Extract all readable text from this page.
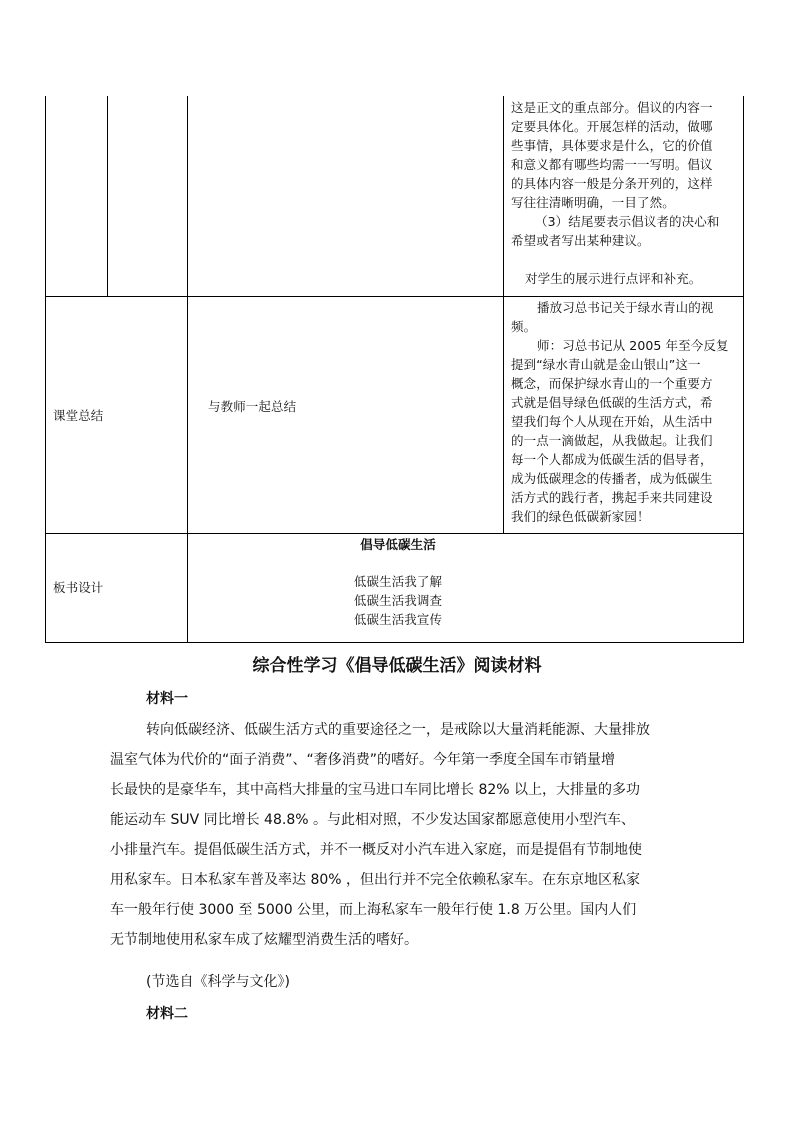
这是正文的重点部分。倡议的内容一

定要具体化。开展怎样的活动，做哪

些事情，具体要求是什么，它的价值

和意义都有哪些均需一一写明。倡议

的具体内容一般是分条开列的，这样

写往往清晰明确，一目了然。

（3）结尾要表示倡议者的决心和

希望或者写出某种建议。

对学生的展示进行点评和补充。

课堂总结
与教师一起总结

播放习总书记关于绿水青山的视

频。

师：习总书记从 2005 年至今反复

提到“绿水青山就是金山银山”这一

概念，而保护绿水青山的一个重要方

式就是倡导绿色低碳的生活方式，希

望我们每个人从现在开始，从生活中

的一点一滴做起，从我做起。让我们

每一个人都成为低碳生活的倡导者，

成为低碳理念的传播者，成为低碳生

活方式的践行者，携起手来共同建设

我们的绿色低碳新家园！

板书设计

倡导低碳生活

低碳生活我了解

低碳生活我调查

低碳生活我宣传

综合性学习《倡导低碳生活》阅读材料
材料一
转向低碳经济、低碳生活方式的重要途径之一，是戒除以大量消耗能源、大量排放
温室气体为代价的“面子消费”、“奢侈消费”的嗜好。今年第一季度全国车市销量增
长最快的是豪华车，其中高档大排量的宝马进口车同比增长 82% 以上，大排量的多功
能运动车 SUV 同比增长 48.8% 。与此相对照，不少发达国家都愿意使用小型汽车、
小排量汽车。提倡低碳生活方式，并不一概反对小汽车进入家庭，而是提倡有节制地使
用私家车。日本私家车普及率达 80% ，但出行并不完全依赖私家车。在东京地区私家
车一般年行使 3000 至 5000 公里，而上海私家车一般年行使 1.8 万公里。国内人们
无节制地使用私家车成了炫耀型消费生活的嗜好。
(节选自《科学与文化》)
材料二
